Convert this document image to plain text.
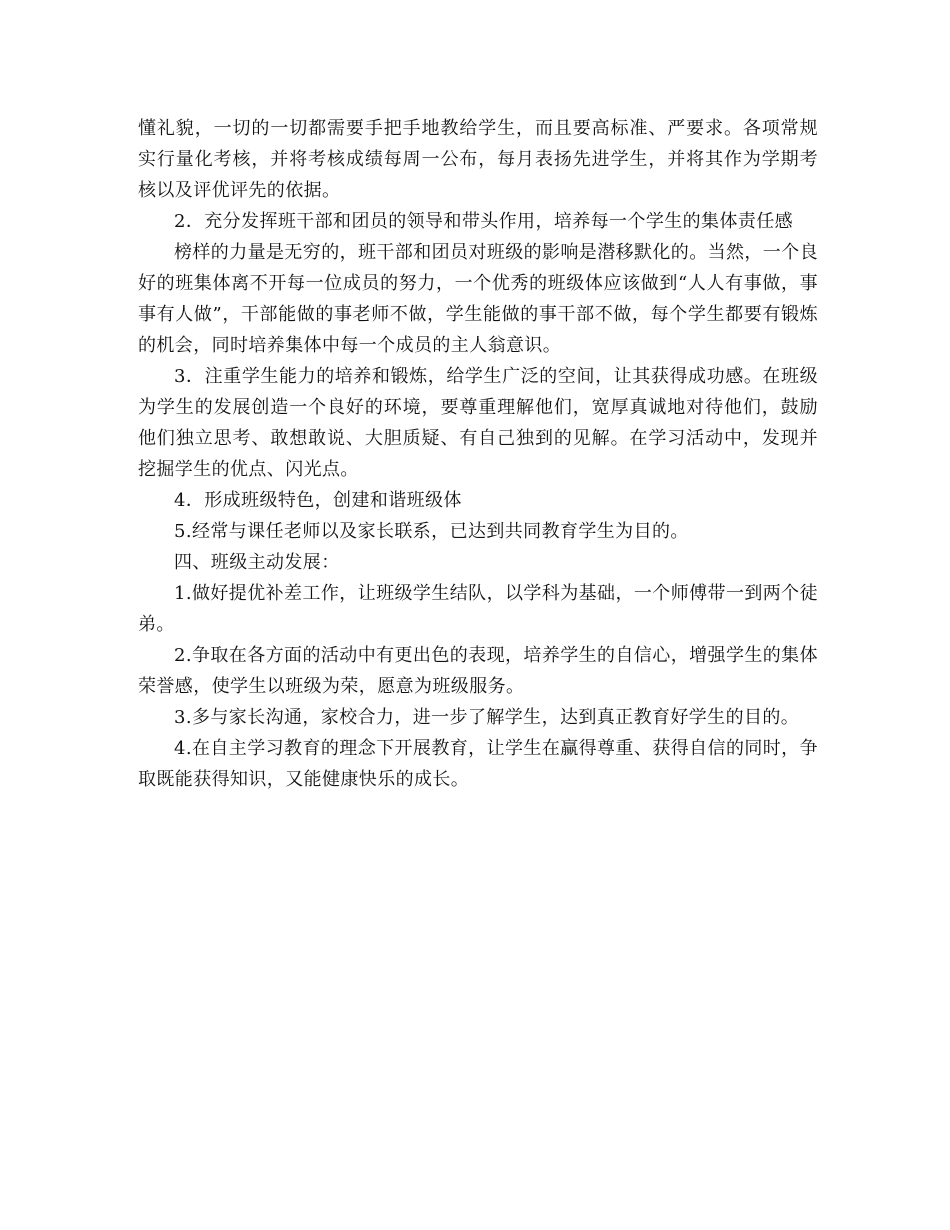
懂礼貌，一切的一切都需要手把手地教给学生，而且要高标准、严要求。各项常规实行量化考核，并将考核成绩每周一公布，每月表扬先进学生，并将其作为学期考核以及评优评先的依据。

2．充分发挥班干部和团员的领导和带头作用，培养每一个学生的集体责任感

榜样的力量是无穷的，班干部和团员对班级的影响是潜移默化的。当然，一个良好的班集体离不开每一位成员的努力，一个优秀的班级体应该做到“人人有事做，事事有人做”，干部能做的事老师不做，学生能做的事干部不做，每个学生都要有锻炼的机会，同时培养集体中每一个成员的主人翁意识。

3．注重学生能力的培养和锻炼，给学生广泛的空间，让其获得成功感。在班级为学生的发展创造一个良好的环境，要尊重理解他们，宽厚真诚地对待他们，鼓励他们独立思考、敢想敢说、大胆质疑、有自己独到的见解。在学习活动中，发现并挖掘学生的优点、闪光点。

4．形成班级特色，创建和谐班级体

5.经常与课任老师以及家长联系，已达到共同教育学生为目的。

四、班级主动发展：

1.做好提优补差工作，让班级学生结队，以学科为基础，一个师傅带一到两个徒弟。

2.争取在各方面的活动中有更出色的表现，培养学生的自信心，增强学生的集体荣誉感，使学生以班级为荣，愿意为班级服务。

3.多与家长沟通，家校合力，进一步了解学生，达到真正教育好学生的目的。

4.在自主学习教育的理念下开展教育，让学生在赢得尊重、获得自信的同时，争取既能获得知识，又能健康快乐的成长。
